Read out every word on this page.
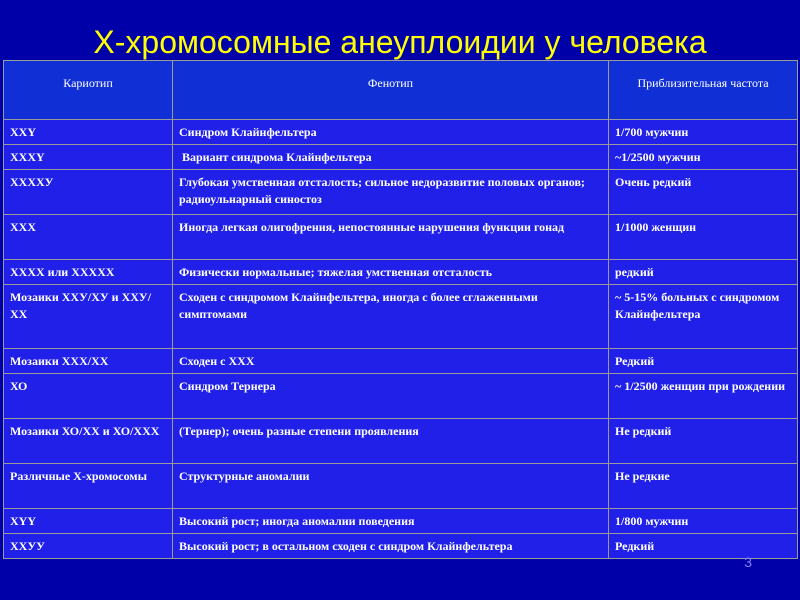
Х-хромосомные анеуплоидии у человека
Кариотип	Фенотип	Приблизительная частота
ХХY	Синдром Клайнфельтера	1/700 мужчин
ХХХY	Вариант синдрома Клайнфельтера	~1/2500 мужчин
ХХХХУ	Глубокая умственная отсталость; сильное недоразвитие половых органов; радиоульнарный синостоз	Очень редкий
ХХХ	Иногда легкая олигофрения, непостоянные нарушения функции гонад	1/1000 женщин
ХХХХ или ХХХХХ	Физически нормальные; тяжелая умственная отсталость	редкий
Мозаики ХХУ/ХУ и ХХУ/ХХ	Сходен с синдромом Клайнфельтера, иногда с более сглаженными симптомами	~ 5-15% больных с синдромом Клайнфельтера
Мозаики ХХХ/ХХ	Сходен с ХХХ	Редкий
ХО	Синдром Тернера	~ 1/2500 женщин при рождении
Мозаики ХО/ХХ и ХО/ХХХ	(Тернер); очень разные степени проявления	Не редкий
Различные Х-хромосомы	Структурные аномалии	Не редкие
ХYY	Высокий рост; иногда аномалии поведения	1/800 мужчин
ХХУУ	Высокий рост; в остальном сходен с синдром Клайнфельтера	Редкий
3
